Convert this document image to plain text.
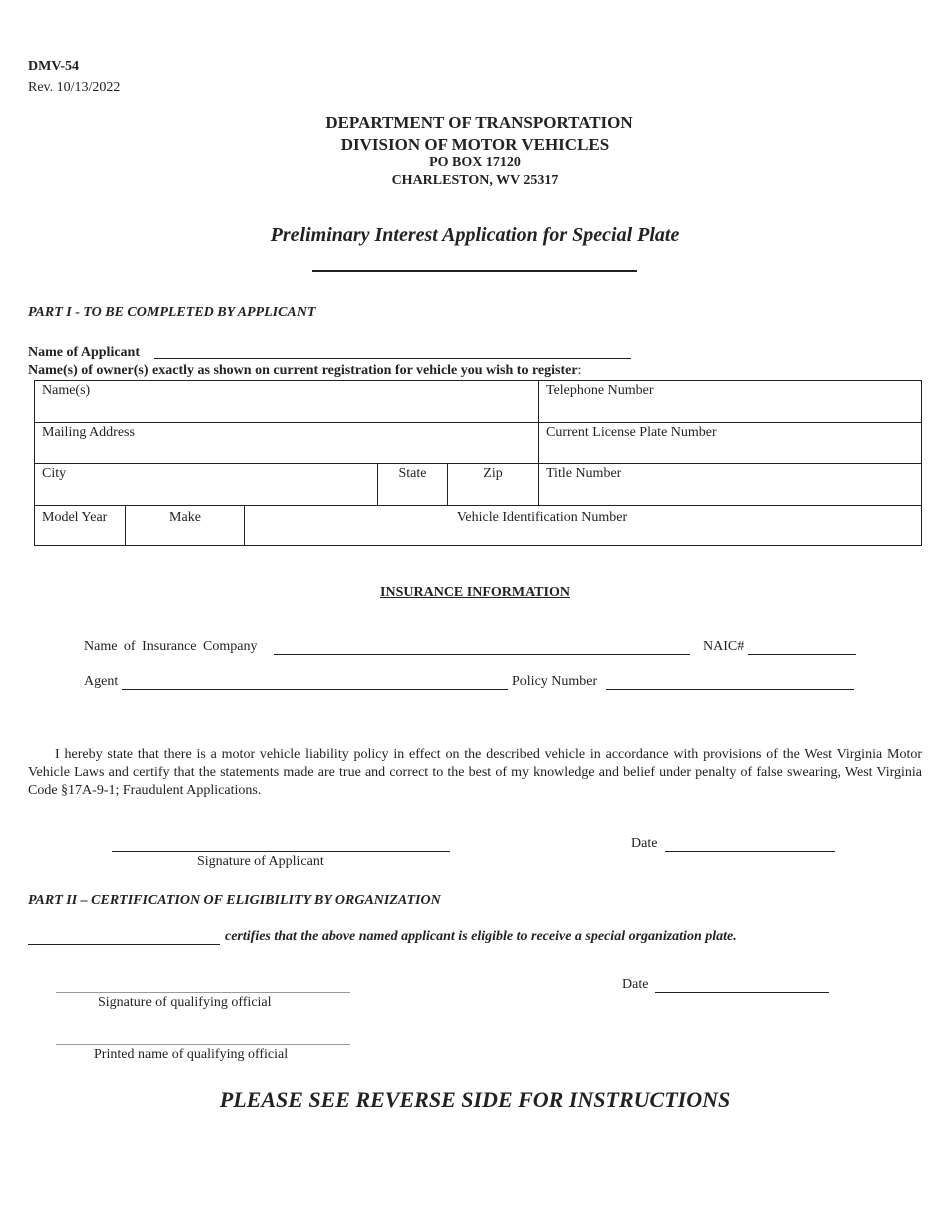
DMV-54
Rev. 10/13/2022
DEPARTMENT OF TRANSPORTATION
DIVISION OF MOTOR VEHICLES
PO BOX 17120
CHARLESTON, WV 25317
Preliminary Interest Application for Special Plate
PART I - TO BE COMPLETED BY APPLICANT
Name of Applicant
Name(s) of owner(s) exactly as shown on current registration for vehicle you wish to register:
Name(s)	Telephone Number
Mailing Address	Current License Plate Number
City	State	Zip	Title Number
Model Year	Make	Vehicle Identification Number
INSURANCE INFORMATION
Name of Insurance Company	NAIC#
Agent	Policy Number
I hereby state that there is a motor vehicle liability policy in effect on the described vehicle in accordance with provisions of the West Virginia Motor Vehicle Laws and certify that the statements made are true and correct to the best of my knowledge and belief under penalty of false swearing, West Virginia Code §17A-9-1; Fraudulent Applications.
Signature of Applicant
Date
PART II – CERTIFICATION OF ELIGIBILITY BY ORGANIZATION
certifies that the above named applicant is eligible to receive a special organization plate.
Signature of qualifying official
Date
Printed name of qualifying official
PLEASE SEE REVERSE SIDE FOR INSTRUCTIONS
